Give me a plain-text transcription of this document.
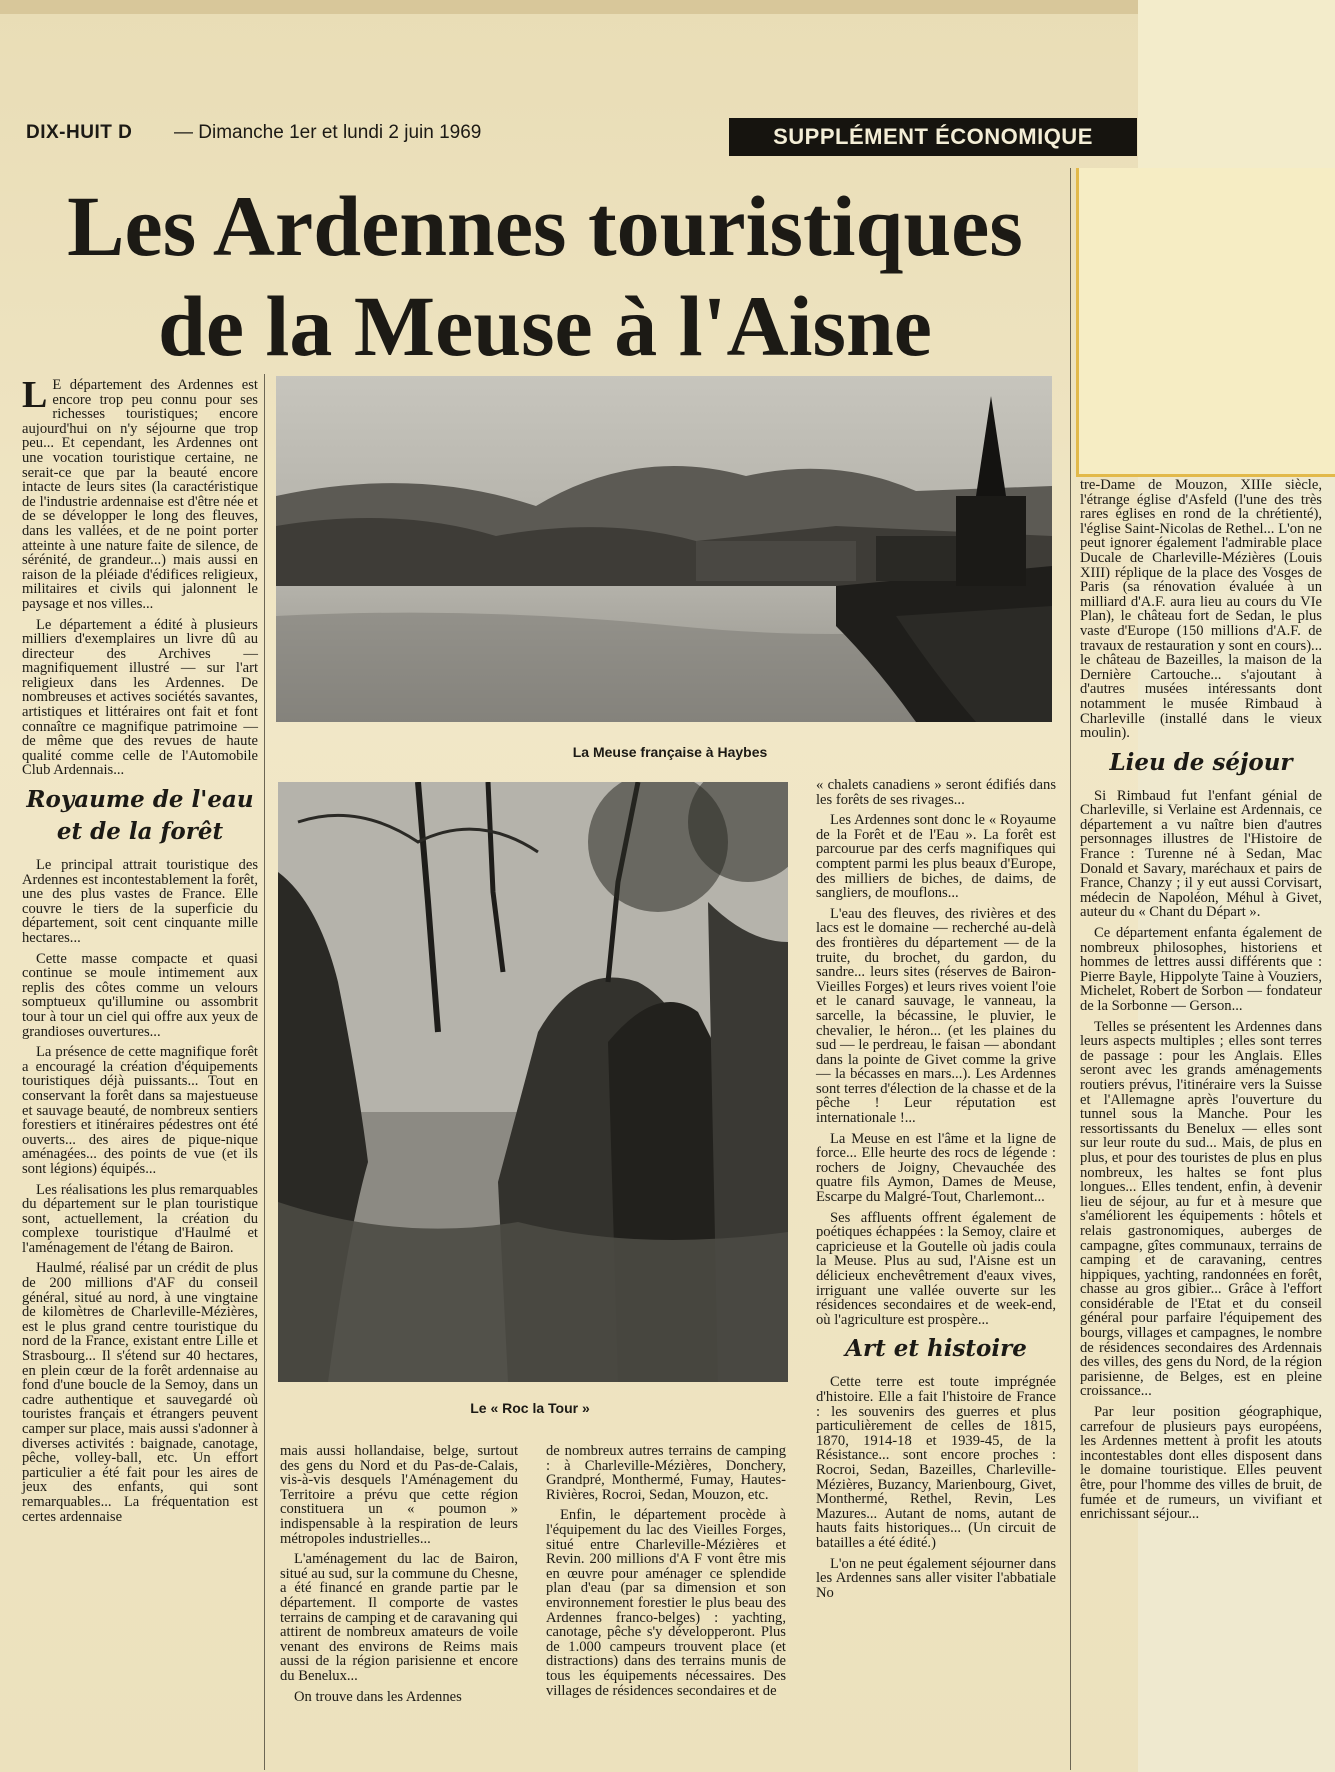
DIX-HUIT D — Dimanche 1er et lundi 2 juin 1969	SUPPLÉMENT ÉCONOMIQUE
Les Ardennes touristiques
de la Meuse à l'Aisne
La Meuse française à Haybes
Le « Roc la Tour »

L E département des Ardennes est encore trop peu connu pour ses richesses touristiques; encore aujourd'hui on n'y séjourne que trop peu... Et cependant, les Ardennes ont une vocation touristique certaine, ne serait-ce que par la beauté encore intacte de leurs sites (la caractéristique de l'industrie ardennaise est d'être née et de se développer le long des fleuves, dans les vallées, et de ne point porter atteinte à une nature faite de silence, de sérénité, de grandeur...) mais aussi en raison de la pléiade d'édifices religieux, militaires et civils qui jalonnent le paysage et nos villes...

Le département a édité à plusieurs milliers d'exemplaires un livre dû au directeur des Archives — magnifiquement illustré — sur l'art religieux dans les Ardennes. De nombreuses et actives sociétés savantes, artistiques et littéraires ont fait et font connaître ce magnifique patrimoine — de même que des revues de haute qualité comme celle de l'Automobile Club Ardennais...

Royaume de l'eau et de la forêt

Le principal attrait touristique des Ardennes est incontestablement la forêt, une des plus vastes de France. Elle couvre le tiers de la superficie du département, soit cent cinquante mille hectares...

Cette masse compacte et quasi continue se moule intimement aux replis des côtes comme un velours somptueux qu'illumine ou assombrit tour à tour un ciel qui offre aux yeux de grandioses ouvertures...

La présence de cette magnifique forêt a encouragé la création d'équipements touristiques déjà puissants... Tout en conservant la forêt dans sa majestueuse et sauvage beauté, de nombreux sentiers forestiers et itinéraires pédestres ont été ouverts... des aires de pique-nique aménagées... des points de vue (et ils sont légions) équipés...

Les réalisations les plus remarquables du département sur le plan touristique sont, actuellement, la création du complexe touristique d'Haulmé et l'aménagement de l'étang de Bairon.

Haulmé, réalisé par un crédit de plus de 200 millions d'AF du conseil général, situé au nord, à une vingtaine de kilomètres de Charleville-Mézières, est le plus grand centre touristique du nord de la France, existant entre Lille et Strasbourg... Il s'étend sur 40 hectares, en plein cœur de la forêt ardennaise au fond d'une boucle de la Semoy, dans un cadre authentique et sauvegardé où touristes français et étrangers peuvent camper sur place, mais aussi s'adonner à diverses activités : baignade, canotage, pêche, volley-ball, etc. Un effort particulier a été fait pour les aires de jeux des enfants, qui sont remarquables... La fréquentation est certes ardennaise

mais aussi hollandaise, belge, surtout des gens du Nord et du Pas-de-Calais, vis-à-vis desquels l'Aménagement du Territoire a prévu que cette région constituera un « poumon » indispensable à la respiration de leurs métropoles industrielles...

L'aménagement du lac de Bairon, situé au sud, sur la commune du Chesne, a été financé en grande partie par le département. Il comporte de vastes terrains de camping et de caravaning qui attirent de nombreux amateurs de voile venant des environs de Reims mais aussi de la région parisienne et encore du Benelux...

On trouve dans les Ardennes

de nombreux autres terrains de camping : à Charleville-Mézières, Donchery, Grandpré, Monthermé, Fumay, Hautes-Rivières, Rocroi, Sedan, Mouzon, etc.

Enfin, le département procède à l'équipement du lac des Vieilles Forges, situé entre Charleville-Mézières et Revin. 200 millions d'A F vont être mis en œuvre pour aménager ce splendide plan d'eau (par sa dimension et son environnement forestier le plus beau des Ardennes franco-belges) : yachting, canotage, pêche s'y développeront. Plus de 1.000 campeurs trouvent place (et distractions) dans des terrains munis de tous les équipements nécessaires. Des villages de résidences secondaires et de

« chalets canadiens » seront édifiés dans les forêts de ses rivages...

Les Ardennes sont donc le « Royaume de la Forêt et de l'Eau ». La forêt est parcourue par des cerfs magnifiques qui comptent parmi les plus beaux d'Europe, des milliers de biches, de daims, de sangliers, de mouflons...

L'eau des fleuves, des rivières et des lacs est le domaine — recherché au-delà des frontières du département — de la truite, du brochet, du gardon, du sandre... leurs sites (réserves de Bairon-Vieilles Forges) et leurs rives voient l'oie et le canard sauvage, le vanneau, la sarcelle, la bécassine, le pluvier, le chevalier, le héron... (et les plaines du sud — le perdreau, le faisan — abondant dans la pointe de Givet comme la grive — la bécasses en mars...). Les Ardennes sont terres d'élection de la chasse et de la pêche ! Leur réputation est internationale !...

La Meuse en est l'âme et la ligne de force... Elle heurte des rocs de légende : rochers de Joigny, Chevauchée des quatre fils Aymon, Dames de Meuse, Escarpe du Malgré-Tout, Charlemont...

Ses affluents offrent également de poétiques échappées : la Semoy, claire et capricieuse et la Goutelle où jadis coula la Meuse. Plus au sud, l'Aisne est un délicieux enchevêtrement d'eaux vives, irriguant une vallée ouverte sur les résidences secondaires et de week-end, où l'agriculture est prospère...

Art et histoire

Cette terre est toute imprégnée d'histoire. Elle a fait l'histoire de France : les souvenirs des guerres et plus particulièrement de celles de 1815, 1870, 1914-18 et 1939-45, de la Résistance... sont encore proches : Rocroi, Sedan, Bazeilles, Charleville-Mézières, Buzancy, Marienbourg, Givet, Monthermé, Rethel, Revin, Les Mazures... Autant de noms, autant de hauts faits historiques... (Un circuit de batailles a été édité.)

L'on ne peut également séjourner dans les Ardennes sans aller visiter l'abbatiale No

tre-Dame de Mouzon, XIIIe siècle, l'étrange église d'Asfeld (l'une des très rares églises en rond de la chrétienté), l'église Saint-Nicolas de Rethel... L'on ne peut ignorer également l'admirable place Ducale de Charleville-Mézières (Louis XIII) réplique de la place des Vosges de Paris (sa rénovation évaluée à un milliard d'A.F. aura lieu au cours du VIe Plan), le château fort de Sedan, le plus vaste d'Europe (150 millions d'A.F. de travaux de restauration y sont en cours)... le château de Bazeilles, la maison de la Dernière Cartouche... s'ajoutant à d'autres musées intéressants dont notamment le musée Rimbaud à Charleville (installé dans le vieux moulin).

Lieu de séjour

Si Rimbaud fut l'enfant génial de Charleville, si Verlaine est Ardennais, ce département a vu naître bien d'autres personnages illustres de l'Histoire de France : Turenne né à Sedan, Mac Donald et Savary, maréchaux et pairs de France, Chanzy ; il y eut aussi Corvisart, médecin de Napoléon, Méhul à Givet, auteur du « Chant du Départ ».

Ce département enfanta également de nombreux philosophes, historiens et hommes de lettres aussi différents que : Pierre Bayle, Hippolyte Taine à Vouziers, Michelet, Robert de Sorbon — fondateur de la Sorbonne — Gerson...

Telles se présentent les Ardennes dans leurs aspects multiples ; elles sont terres de passage : pour les Anglais. Elles seront avec les grands aménagements routiers prévus, l'itinéraire vers la Suisse et l'Allemagne après l'ouverture du tunnel sous la Manche. Pour les ressortissants du Benelux — elles sont sur leur route du sud... Mais, de plus en plus, et pour des touristes de plus en plus nombreux, les haltes se font plus longues... Elles tendent, enfin, à devenir lieu de séjour, au fur et à mesure que s'améliorent les équipements : hôtels et relais gastronomiques, auberges de campagne, gîtes communaux, terrains de camping et de caravaning, centres hippiques, yachting, randonnées en forêt, chasse au gros gibier... Grâce à l'effort considérable de l'Etat et du conseil général pour parfaire l'équipement des bourgs, villages et campagnes, le nombre de résidences secondaires des Ardennais des villes, des gens du Nord, de la région parisienne, de Belges, est en pleine croissance...

Par leur position géographique, carrefour de plusieurs pays européens, les Ardennes mettent à profit les atouts incontestables dont elles disposent dans le domaine touristique. Elles peuvent être, pour l'homme des villes de bruit, de fumée et de rumeurs, un vivifiant et enrichissant séjour...
